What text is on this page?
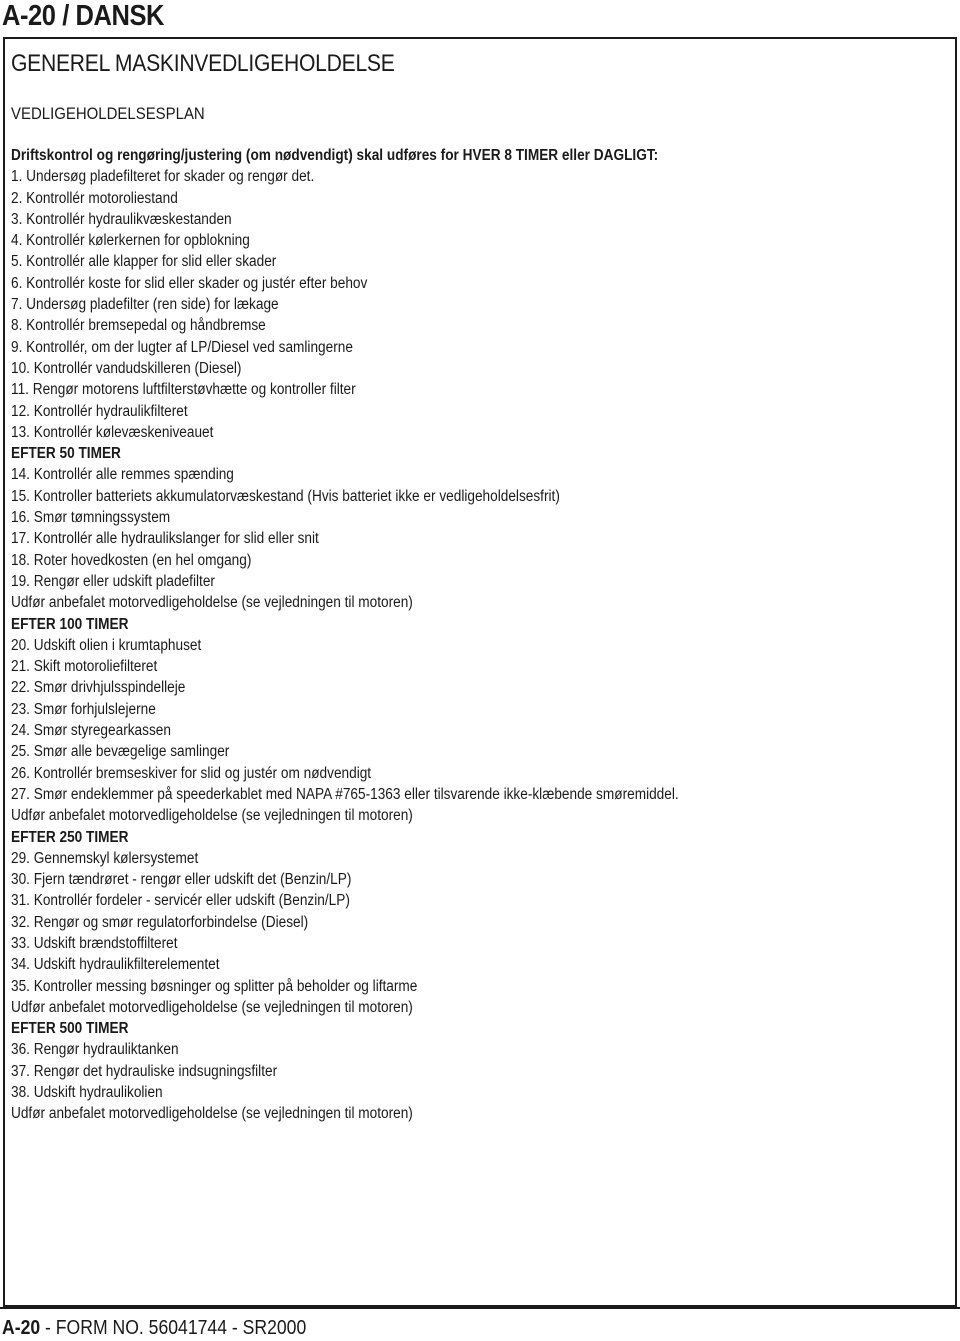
A-20 / DANSK
GENEREL MASKINVEDLIGEHOLDELSE
VEDLIGEHOLDELSESPLAN
Driftskontrol og rengøring/justering (om nødvendigt) skal udføres for HVER 8 TIMER eller DAGLIGT:
1. Undersøg pladefilteret for skader og rengør det.
2. Kontrollér motoroliestand
3. Kontrollér hydraulikvæskestanden
4. Kontrollér kølerkernen for opblokning
5. Kontrollér alle klapper for slid eller skader
6. Kontrollér koste for slid eller skader og justér efter behov
7. Undersøg pladefilter (ren side) for lækage
8. Kontrollér bremsepedal og håndbremse
9. Kontrollér, om der lugter af LP/Diesel ved samlingerne
10. Kontrollér vandudskilleren (Diesel)
11. Rengør motorens luftfilterstøvhætte og kontroller filter
12. Kontrollér hydraulikfilteret
13. Kontrollér kølevæskeniveauet
EFTER 50 TIMER
14. Kontrollér alle remmes spænding
15. Kontroller batteriets akkumulatorvæskestand (Hvis batteriet ikke er vedligeholdelsesfrit)
16. Smør tømningssystem
17. Kontrollér alle hydraulikslanger for slid eller snit
18. Roter hovedkosten (en hel omgang)
19. Rengør eller udskift pladefilter
Udfør anbefalet motorvedligeholdelse (se vejledningen til motoren)
EFTER 100 TIMER
20. Udskift olien i krumtaphuset
21. Skift motoroliefilteret
22. Smør drivhjulsspindelleje
23. Smør forhjulslejerne
24. Smør styregearkassen
25. Smør alle bevægelige samlinger
26. Kontrollér bremseskiver for slid og justér om nødvendigt
27. Smør endeklemmer på speederkablet med NAPA #765-1363 eller tilsvarende ikke-klæbende smøremiddel.
Udfør anbefalet motorvedligeholdelse (se vejledningen til motoren)
EFTER 250 TIMER
29. Gennemskyl kølersystemet
30. Fjern tændrøret - rengør eller udskift det (Benzin/LP)
31. Kontrollér fordeler - servicér eller udskift (Benzin/LP)
32. Rengør og smør regulatorforbindelse (Diesel)
33. Udskift brændstoffilteret
34. Udskift hydraulikfilterelementet
35. Kontroller messing bøsninger og splitter på beholder og liftarme
Udfør anbefalet motorvedligeholdelse (se vejledningen til motoren)
EFTER 500 TIMER
36. Rengør hydrauliktanken
37. Rengør det hydrauliske indsugningsfilter
38. Udskift hydraulikolien
Udfør anbefalet motorvedligeholdelse (se vejledningen til motoren)
A-20 - FORM NO. 56041744 - SR2000
